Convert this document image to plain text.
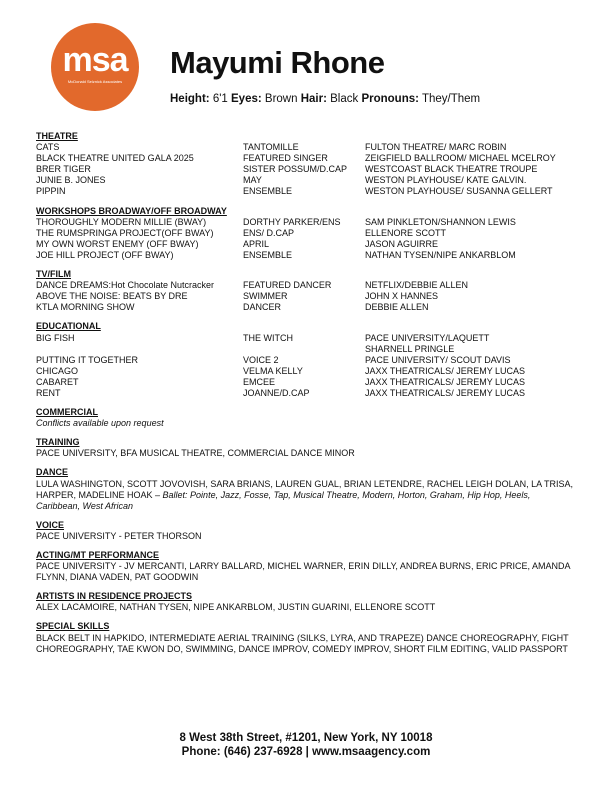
msa
McDonald Selznick Associates
Mayumi Rhone
Height: 6'1 Eyes: Brown Hair: Black Pronouns: They/Them
THEATRE
CATS	TANTOMILLE	FULTON THEATRE/ MARC ROBIN
BLACK THEATRE UNITED GALA 2025	FEATURED SINGER	ZEIGFIELD BALLROOM/ MICHAEL MCELROY
BRER TIGER	SISTER POSSUM/D.CAP	WESTCOAST BLACK THEATRE TROUPE
JUNIE B. JONES	MAY	WESTON PLAYHOUSE/ KATE GALVIN.
PIPPIN	ENSEMBLE	WESTON PLAYHOUSE/ SUSANNA GELLERT
WORKSHOPS BROADWAY/OFF BROADWAY
THOROUGHLY MODERN MILLIE (BWAY)	DORTHY PARKER/ENS	SAM PINKLETON/SHANNON LEWIS
THE RUMSPRINGA PROJECT(OFF BWAY)	ENS/ D.CAP	ELLENORE SCOTT
MY OWN WORST ENEMY (OFF BWAY)	APRIL	JASON AGUIRRE
JOE HILL PROJECT (OFF BWAY)	ENSEMBLE	NATHAN TYSEN/NIPE ANKARBLOM
TV/FILM
DANCE DREAMS:Hot Chocolate Nutcracker	FEATURED DANCER	NETFLIX/DEBBIE ALLEN
ABOVE THE NOISE: BEATS BY DRE	SWIMMER	JOHN X HANNES
KTLA MORNING SHOW	DANCER	DEBBIE ALLEN
EDUCATIONAL
BIG FISH	THE WITCH	PACE UNIVERSITY/LAQUETT
SHARNELL PRINGLE
PUTTING IT TOGETHER	VOICE 2	PACE UNIVERSITY/ SCOUT DAVIS
CHICAGO	VELMA KELLY	JAXX THEATRICALS/ JEREMY LUCAS
CABARET	EMCEE	JAXX THEATRICALS/ JEREMY LUCAS
RENT	JOANNE/D.CAP	JAXX THEATRICALS/ JEREMY LUCAS
COMMERCIAL
Conflicts available upon request
TRAINING
PACE UNIVERSITY, BFA MUSICAL THEATRE, COMMERCIAL DANCE MINOR
DANCE
LULA WASHINGTON, SCOTT JOVOVISH, SARA BRIANS, LAUREN GUAL, BRIAN LETENDRE, RACHEL LEIGH DOLAN, LA TRISA, HARPER, MADELINE HOAK – Ballet: Pointe, Jazz, Fosse, Tap, Musical Theatre, Modern, Horton, Graham, Hip Hop, Heels, Caribbean, West African
VOICE
PACE UNIVERSITY - PETER THORSON
ACTING/MT PERFORMANCE
PACE UNIVERSITY - JV MERCANTI, LARRY BALLARD, MICHEL WARNER, ERIN DILLY, ANDREA BURNS, ERIC PRICE, AMANDA FLYNN, DIANA VADEN, PAT GOODWIN
ARTISTS IN RESIDENCE PROJECTS
ALEX LACAMOIRE, NATHAN TYSEN, NIPE ANKARBLOM, JUSTIN GUARINI, ELLENORE SCOTT
SPECIAL SKILLS
BLACK BELT IN HAPKIDO, INTERMEDIATE AERIAL TRAINING (SILKS, LYRA, AND TRAPEZE) DANCE CHOREOGRAPHY, FIGHT CHOREOGRAPHY, TAE KWON DO, SWIMMING, DANCE IMPROV, COMEDY IMPROV, SHORT FILM EDITING, VALID PASSPORT
8 West 38th Street, #1201, New York, NY 10018
Phone: (646) 237-6928 | www.msaagency.com
